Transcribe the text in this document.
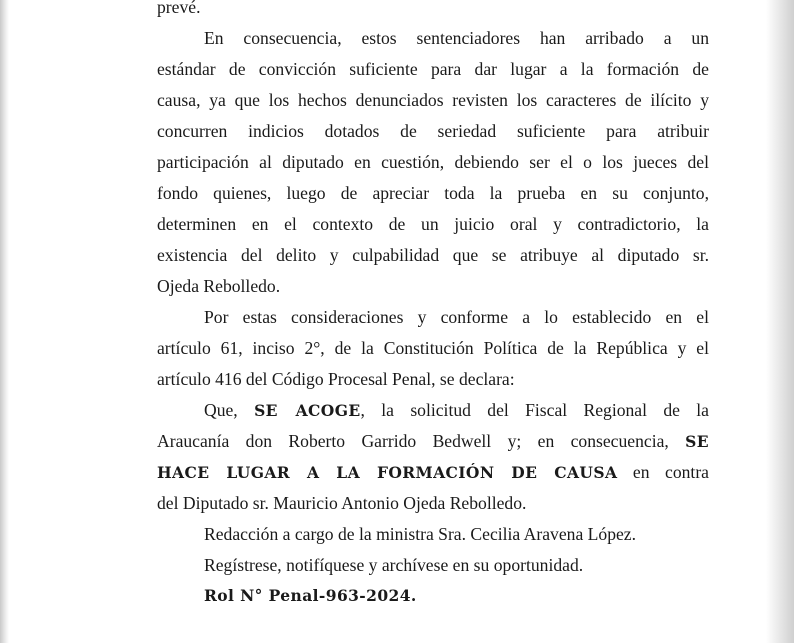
prevé.
En consecuencia, estos sentenciadores han arribado a un
estándar de convicción suficiente para dar lugar a la formación de
causa, ya que los hechos denunciados revisten los caracteres de ilícito y
concurren indicios dotados de seriedad suficiente para atribuir
participación al diputado en cuestión, debiendo ser el o los jueces del
fondo quienes, luego de apreciar toda la prueba en su conjunto,
determinen en el contexto de un juicio oral y contradictorio, la
existencia del delito y culpabilidad que se atribuye al diputado sr.
Ojeda Rebolledo.
Por estas consideraciones y conforme a lo establecido en el
artículo 61, inciso 2°, de la Constitución Política de la República y el
artículo 416 del Código Procesal Penal, se declara:
Que, SE ACOGE, la solicitud del Fiscal Regional de la
Araucanía don Roberto Garrido Bedwell y; en consecuencia, SE
HACE LUGAR A LA FORMACIÓN DE CAUSA en contra
del Diputado sr. Mauricio Antonio Ojeda Rebolledo.
Redacción a cargo de la ministra Sra. Cecilia Aravena López.
Regístrese, notifíquese y archívese en su oportunidad.
Rol N° Penal-963-2024.
